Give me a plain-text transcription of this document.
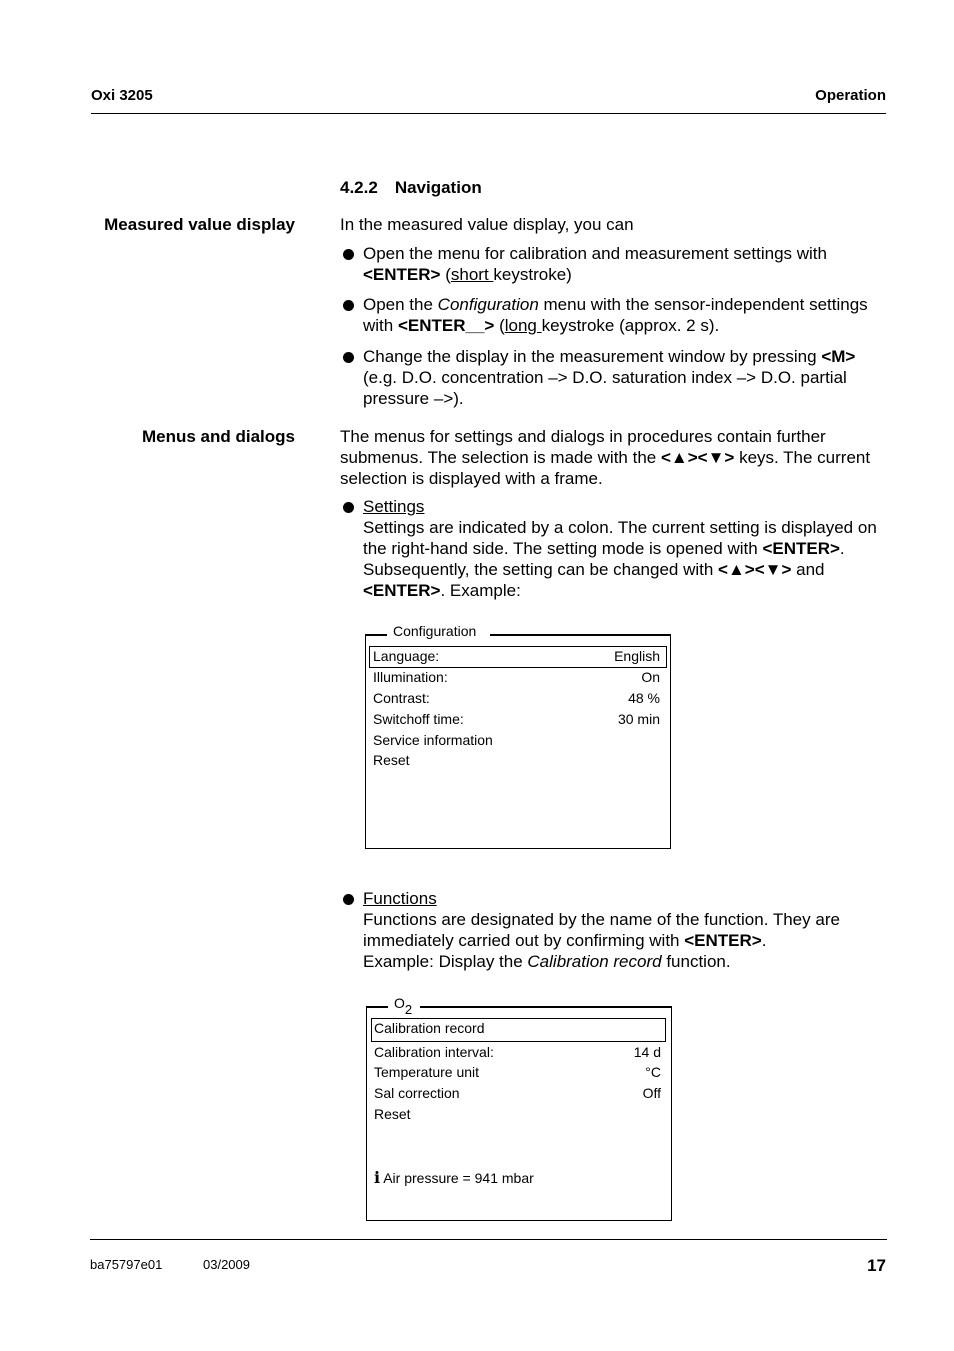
Oxi 3205	Operation
4.2.2 Navigation
Measured value display	In the measured value display, you can
Open the menu for calibration and measurement settings with
<ENTER> (short keystroke)
Open the Configuration menu with the sensor-independent settings
with <ENTER__> (long keystroke (approx. 2 s).
Change the display in the measurement window by pressing <M>
(e.g. D.O. concentration –> D.O. saturation index –> D.O. partial
pressure –>).
Menus and dialogs	The menus for settings and dialogs in procedures contain further
submenus. The selection is made with the <▲><▼> keys. The current
selection is displayed with a frame.
Settings
Settings are indicated by a colon. The current setting is displayed on
the right-hand side. The setting mode is opened with <ENTER>.
Subsequently, the setting can be changed with <▲><▼> and
<ENTER>. Example:
Configuration
Language:	English
Illumination:	On
Contrast:	48 %
Switchoff time:	30 min
Service information
Reset
Functions
Functions are designated by the name of the function. They are
immediately carried out by confirming with <ENTER>.
Example: Display the Calibration record function.
$O_2$
Calibration record
Calibration interval:	14 d
Temperature unit	°C
Sal correction	Off
Reset
i Air pressure = 941 mbar
ba75797e01	03/2009	17
